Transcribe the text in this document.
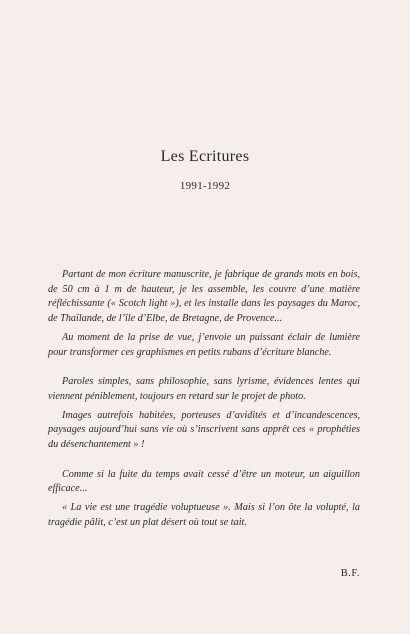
Les Ecritures
1991-1992

Partant de mon écriture manuscrite, je fabrique de grands mots en bois, de 50 cm à 1 m de hauteur, je les assemble, les couvre d’une matière réfléchissante (« Scotch light »), et les installe dans les paysages du Maroc, de Thaïlande, de l’île d’Elbe, de Bretagne, de Provence...

Au moment de la prise de vue, j’envoie un puissant éclair de lumière pour transformer ces graphismes en petits rubans d’écriture blanche.

Paroles simples, sans philosophie, sans lyrisme, évidences lentes qui viennent péniblement, toujours en retard sur le projet de photo.

Images autrefois habitées, porteuses d’avidités et d’incandescences, paysages aujourd’hui sans vie où s’inscrivent sans apprêt ces « prophéties du désenchantement » !

Comme si la fuite du temps avait cessé d’être un moteur, un aiguillon efficace...

« La vie est une tragédie voluptueuse ». Mais si l’on ôte la volupté, la tragédie pâlit, c’est un plat désert où tout se tait.

B.F.
